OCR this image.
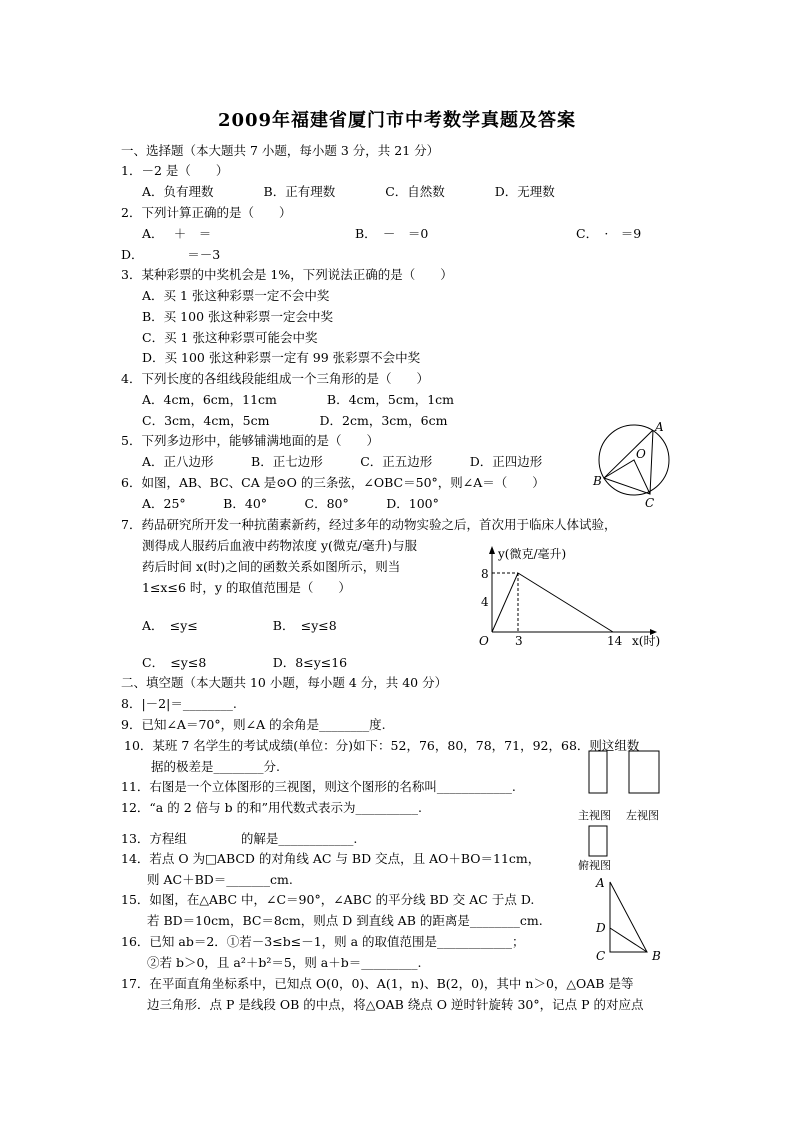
2009年福建省厦门市中考数学真题及答案
一、选择题（本大题共 7 小题，每小题 3 分，共 21 分）
1．－2 是（　　）
A．负有理数　　　　B．正有理数　　　　C．自然数　　　　D．无理数
2．下列计算正确的是（　　）
A．　 ＋　＝	B．　－　＝0	C．　·　＝9
D．　　　　＝－3
3．某种彩票的中奖机会是 1%，下列说法正确的是（　　）
A．买 1 张这种彩票一定不会中奖
B．买 100 张这种彩票一定会中奖
C．买 1 张这种彩票可能会中奖
D．买 100 张这种彩票一定有 99 张彩票不会中奖
4．下列长度的各组线段能组成一个三角形的是（　　）
A．4cm，6cm，11cm　　　　B．4cm，5cm，1cm
C．3cm，4cm，5cm　　　　D．2cm，3cm，6cm
5．下列多边形中，能够铺满地面的是（　　）
A．正八边形　　　B．正七边形　　　C．正五边形　　　D．正四边形
6．如图，AB、BC、CA 是⊙O 的三条弦，∠OBC＝50°，则∠A＝（　　）
A．25°　　　B．40°　　　C．80°　　　D．100°
7．药品研究所开发一种抗菌素新药，经过多年的动物实验之后，首次用于临床人体试验，
测得成人服药后血液中药物浓度 y(微克/毫升)与服
药后时间 x(时)之间的函数关系如图所示，则当
1≤x≤6 时，y 的取值范围是（　　）
A．　≤y≤　　　　　　B．　≤y≤8
C．　≤y≤8　　　　　 D．8≤y≤16
二、填空题（本大题共 10 小题，每小题 4 分，共 40 分）
8．|－2|＝________.
9．已知∠A＝70°，则∠A 的余角是________度.
10．某班 7 名学生的考试成绩(单位：分)如下：52，76，80，78，71，92，68．则这组数
据的极差是________分.
11．右图是一个立体图形的三视图，则这个图形的名称叫____________.
12．“a 的 2 倍与 b 的和”用代数式表示为__________.
13．方程组　　　　 的解是____________.
14．若点 O 为□ABCD 的对角线 AC 与 BD 交点，且 AO＋BO＝11cm，
则 AC＋BD＝_______cm.
15．如图，在△ABC 中，∠C＝90°，∠ABC 的平分线 BD 交 AC 于点 D.
若 BD＝10cm，BC＝8cm，则点 D 到直线 AB 的距离是________cm.
16．已知 ab＝2．①若－3≤b≤－1，则 a 的取值范围是____________；
②若 b＞0，且 a²＋b²＝5，则 a＋b＝_________.
17．在平面直角坐标系中，已知点 O(0，0)、A(1，n)、B(2，0)，其中 n＞0，△OAB 是等
边三角形．点 P 是线段 OB 的中点，将△OAB 绕点 O 逆时针旋转 30°，记点 P 的对应点
A
B
C
O
y(微克/毫升)
8
4
O 3	14 x(时)
主视图 左视图
俯视图
A
D
C	B
